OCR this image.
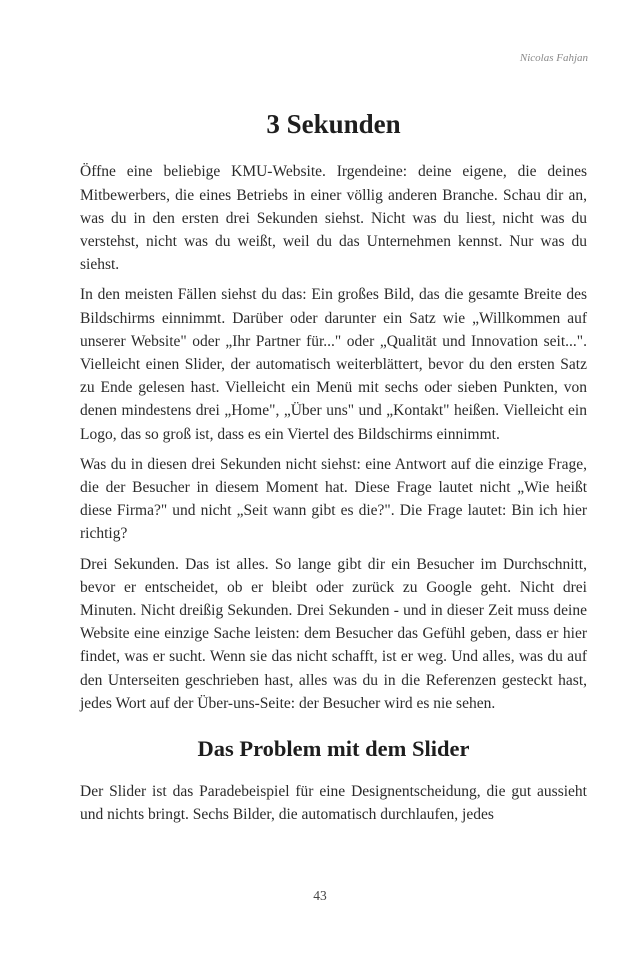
Nicolas Fahjan
3 Sekunden

Öffne eine beliebige KMU-Website. Irgendeine: deine eigene, die deines Mitbewerbers, die eines Betriebs in einer völlig anderen Branche. Schau dir an, was du in den ersten drei Sekunden siehst. Nicht was du liest, nicht was du verstehst, nicht was du weißt, weil du das Unternehmen kennst. Nur was du siehst.

In den meisten Fällen siehst du das: Ein großes Bild, das die gesamte Breite des Bildschirms einnimmt. Darüber oder darunter ein Satz wie „Willkommen auf unserer Website" oder „Ihr Partner für..." oder „Qualität und Innovation seit...". Vielleicht einen Slider, der automatisch weiterblättert, bevor du den ersten Satz zu Ende gelesen hast. Vielleicht ein Menü mit sechs oder sieben Punkten, von denen mindestens drei „Home", „Über uns" und „Kontakt" heißen. Vielleicht ein Logo, das so groß ist, dass es ein Viertel des Bildschirms einnimmt.

Was du in diesen drei Sekunden nicht siehst: eine Antwort auf die einzige Frage, die der Besucher in diesem Moment hat. Diese Frage lautet nicht „Wie heißt diese Firma?" und nicht „Seit wann gibt es die?". Die Frage lautet: Bin ich hier richtig?

Drei Sekunden. Das ist alles. So lange gibt dir ein Besucher im Durchschnitt, bevor er entscheidet, ob er bleibt oder zurück zu Google geht. Nicht drei Minuten. Nicht dreißig Sekunden. Drei Sekunden - und in dieser Zeit muss deine Website eine einzige Sache leisten: dem Besucher das Gefühl geben, dass er hier findet, was er sucht. Wenn sie das nicht schafft, ist er weg. Und alles, was du auf den Unterseiten geschrieben hast, alles was du in die Referenzen gesteckt hast, jedes Wort auf der Über-uns-Seite: der Besucher wird es nie sehen.

Das Problem mit dem Slider

Der Slider ist das Paradebeispiel für eine Designentscheidung, die gut aussieht und nichts bringt. Sechs Bilder, die automatisch durchlaufen, jedes

43
